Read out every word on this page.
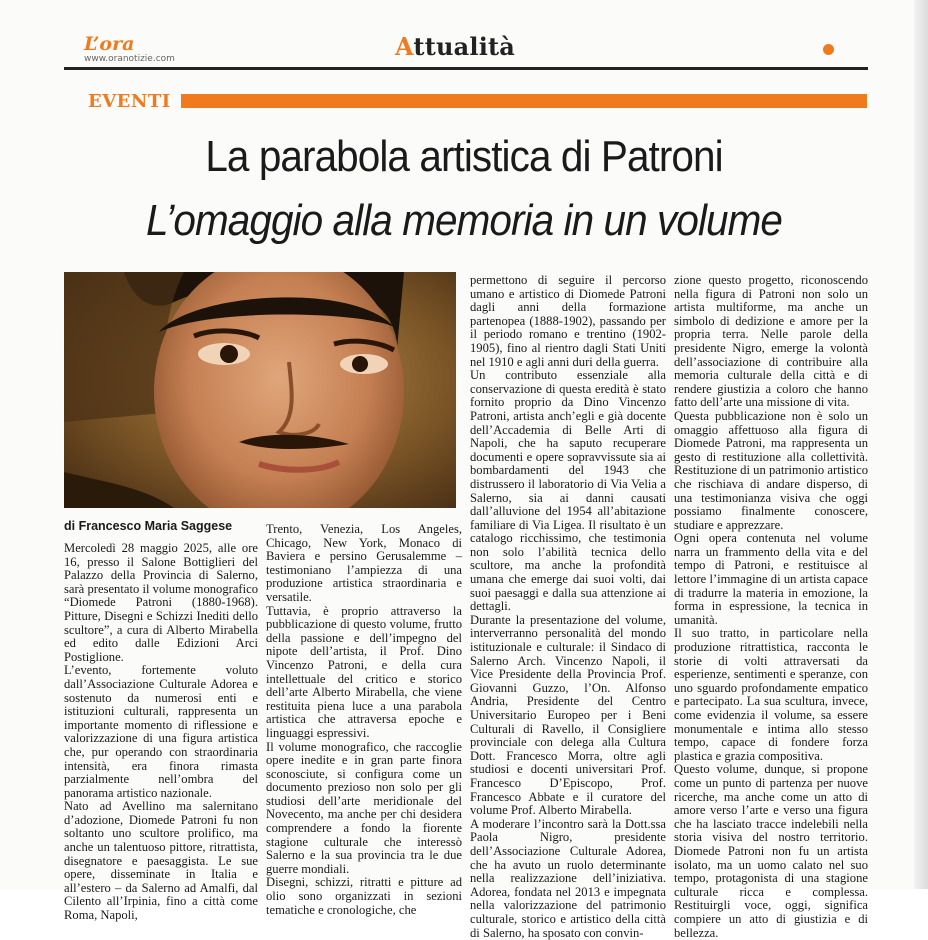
L’ora
www.oranotizie.com	Attualità
EVENTI
La parabola artistica di Patroni
L’omaggio alla memoria in un volume
di Francesco Maria Saggese

Mercoledì 28 maggio 2025, alle ore 16, presso il Salone Bottiglieri del Palazzo della Provincia di Salerno, sarà presentato il volume monografico “Diomede Patroni (1880-1968). Pitture, Disegni e Schizzi Inediti dello scultore”, a cura di Alberto Mirabella ed edito dalle Edizioni Arci Postiglione.

L’evento, fortemente voluto dall’Associazione Culturale Adorea e sostenuto da numerosi enti e istituzioni culturali, rappresenta un importante momento di riflessione e valorizzazione di una figura artistica che, pur operando con straordinaria intensità, era finora rimasta parzialmente nell’ombra del panorama artistico nazionale.

Nato ad Avellino ma salernitano d’adozione, Diomede Patroni fu non soltanto uno scultore prolifico, ma anche un talentuoso pittore, ritrattista, disegnatore e paesaggista. Le sue opere, disseminate in Italia e all’estero – da Salerno ad Amalfi, dal Cilento all’Irpinia, fino a città come Roma, Napoli,

Trento, Venezia, Los Angeles, Chicago, New York, Monaco di Baviera e persino Gerusalemme – testimoniano l’ampiezza di una produzione artistica straordinaria e versatile.

Tuttavia, è proprio attraverso la pubblicazione di questo volume, frutto della passione e dell’impegno del nipote dell’artista, il Prof. Dino Vincenzo Patroni, e della cura intellettuale del critico e storico dell’arte Alberto Mirabella, che viene restituita piena luce a una parabola artistica che attraversa epoche e linguaggi espressivi.

Il volume monografico, che raccoglie opere inedite e in gran parte finora sconosciute, si configura come un documento prezioso non solo per gli studiosi dell’arte meridionale del Novecento, ma anche per chi desidera comprendere a fondo la fiorente stagione culturale che interessò Salerno e la sua provincia tra le due guerre mondiali.

Disegni, schizzi, ritratti e pitture ad olio sono organizzati in sezioni tematiche e cronologiche, che

permettono di seguire il percorso umano e artistico di Diomede Patroni dagli anni della formazione partenopea (1888-1902), passando per il periodo romano e trentino (1902-1905), fino al rientro dagli Stati Uniti nel 1910 e agli anni duri della guerra.

Un contributo essenziale alla conservazione di questa eredità è stato fornito proprio da Dino Vincenzo Patroni, artista anch’egli e già docente dell’Accademia di Belle Arti di Napoli, che ha saputo recuperare documenti e opere sopravvissute sia ai bombardamenti del 1943 che distrussero il laboratorio di Via Velia a Salerno, sia ai danni causati dall’alluvione del 1954 all’abitazione familiare di Via Ligea. Il risultato è un catalogo ricchissimo, che testimonia non solo l’abilità tecnica dello scultore, ma anche la profondità umana che emerge dai suoi volti, dai suoi paesaggi e dalla sua attenzione ai dettagli.

Durante la presentazione del volume, interverranno personalità del mondo istituzionale e culturale: il Sindaco di Salerno Arch. Vincenzo Napoli, il Vice Presidente della Provincia Prof. Giovanni Guzzo, l’On. Alfonso Andria, Presidente del Centro Universitario Europeo per i Beni Culturali di Ravello, il Consigliere provinciale con delega alla Cultura Dott. Francesco Morra, oltre agli studiosi e docenti universitari Prof. Francesco D’Episcopo, Prof. Francesco Abbate e il curatore del volume Prof. Alberto Mirabella.

A moderare l’incontro sarà la Dott.ssa Paola Nigro, presidente dell’Associazione Culturale Adorea, che ha avuto un ruolo determinante nella realizzazione dell’iniziativa. Adorea, fondata nel 2013 e impegnata nella valorizzazione del patrimonio culturale, storico e artistico della città di Salerno, ha sposato con convin-

zione questo progetto, riconoscendo nella figura di Patroni non solo un artista multiforme, ma anche un simbolo di dedizione e amore per la propria terra. Nelle parole della presidente Nigro, emerge la volontà dell’associazione di contribuire alla memoria culturale della città e di rendere giustizia a coloro che hanno fatto dell’arte una missione di vita.

Questa pubblicazione non è solo un omaggio affettuoso alla figura di Diomede Patroni, ma rappresenta un gesto di restituzione alla collettività. Restituzione di un patrimonio artistico che rischiava di andare disperso, di una testimonianza visiva che oggi possiamo finalmente conoscere, studiare e apprezzare.

Ogni opera contenuta nel volume narra un frammento della vita e del tempo di Patroni, e restituisce al lettore l’immagine di un artista capace di tradurre la materia in emozione, la forma in espressione, la tecnica in umanità.

Il suo tratto, in particolare nella produzione ritrattistica, racconta le storie di volti attraversati da esperienze, sentimenti e speranze, con uno sguardo profondamente empatico e partecipato. La sua scultura, invece, come evidenzia il volume, sa essere monumentale e intima allo stesso tempo, capace di fondere forza plastica e grazia compositiva.

Questo volume, dunque, si propone come un punto di partenza per nuove ricerche, ma anche come un atto di amore verso l’arte e verso una figura che ha lasciato tracce indelebili nella storia visiva del nostro territorio. Diomede Patroni non fu un artista isolato, ma un uomo calato nel suo tempo, protagonista di una stagione culturale ricca e complessa. Restituirgli voce, oggi, significa compiere un atto di giustizia e di bellezza.
